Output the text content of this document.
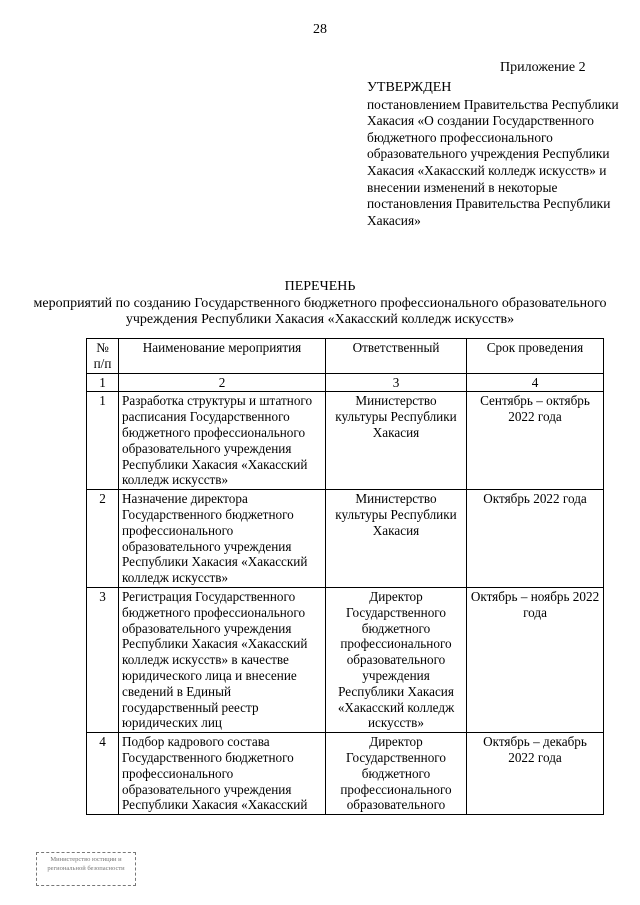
28
Приложение 2
УТВЕРЖДЕН
постановлением Правительства Республики Хакасия «О создании Государственного бюджетного профессионального образовательного учреждения Республики Хакасия «Хакасский колледж искусств» и внесении изменений в некоторые постановления Правительства Республики Хакасия»
ПЕРЕЧЕНЬ
мероприятий по созданию Государственного бюджетного профессионального образовательного учреждения Республики Хакасия «Хакасский колледж искусств»
№ п/п	Наименование мероприятия	Ответственный	Срок проведения
1	2	3	4
1	Разработка структуры и штатного расписания Государственного бюджетного профессионального образовательного учреждения Республики Хакасия «Хакасский колледж искусств»	Министерство культуры Республики Хакасия	Сентябрь – октябрь 2022 года
2	Назначение директора Государственного бюджетного профессионального образовательного учреждения Республики Хакасия «Хакасский колледж искусств»	Министерство культуры Республики Хакасия	Октябрь 2022 года
3	Регистрация Государственного бюджетного профессионального образовательного учреждения Республики Хакасия «Хакасский колледж искусств» в качестве юридического лица и внесение сведений в Единый государственный реестр юридических лиц	Директор Государственного бюджетного профессионального образовательного учреждения Республики Хакасия «Хакасский колледж искусств»	Октябрь – ноябрь 2022 года
4	Подбор кадрового состава Государственного бюджетного профессионального образовательного учреждения Республики Хакасия «Хакасский	Директор Государственного бюджетного профессионального образовательного	Октябрь – декабрь 2022 года
Министерство юстиции и региональной безопасности
